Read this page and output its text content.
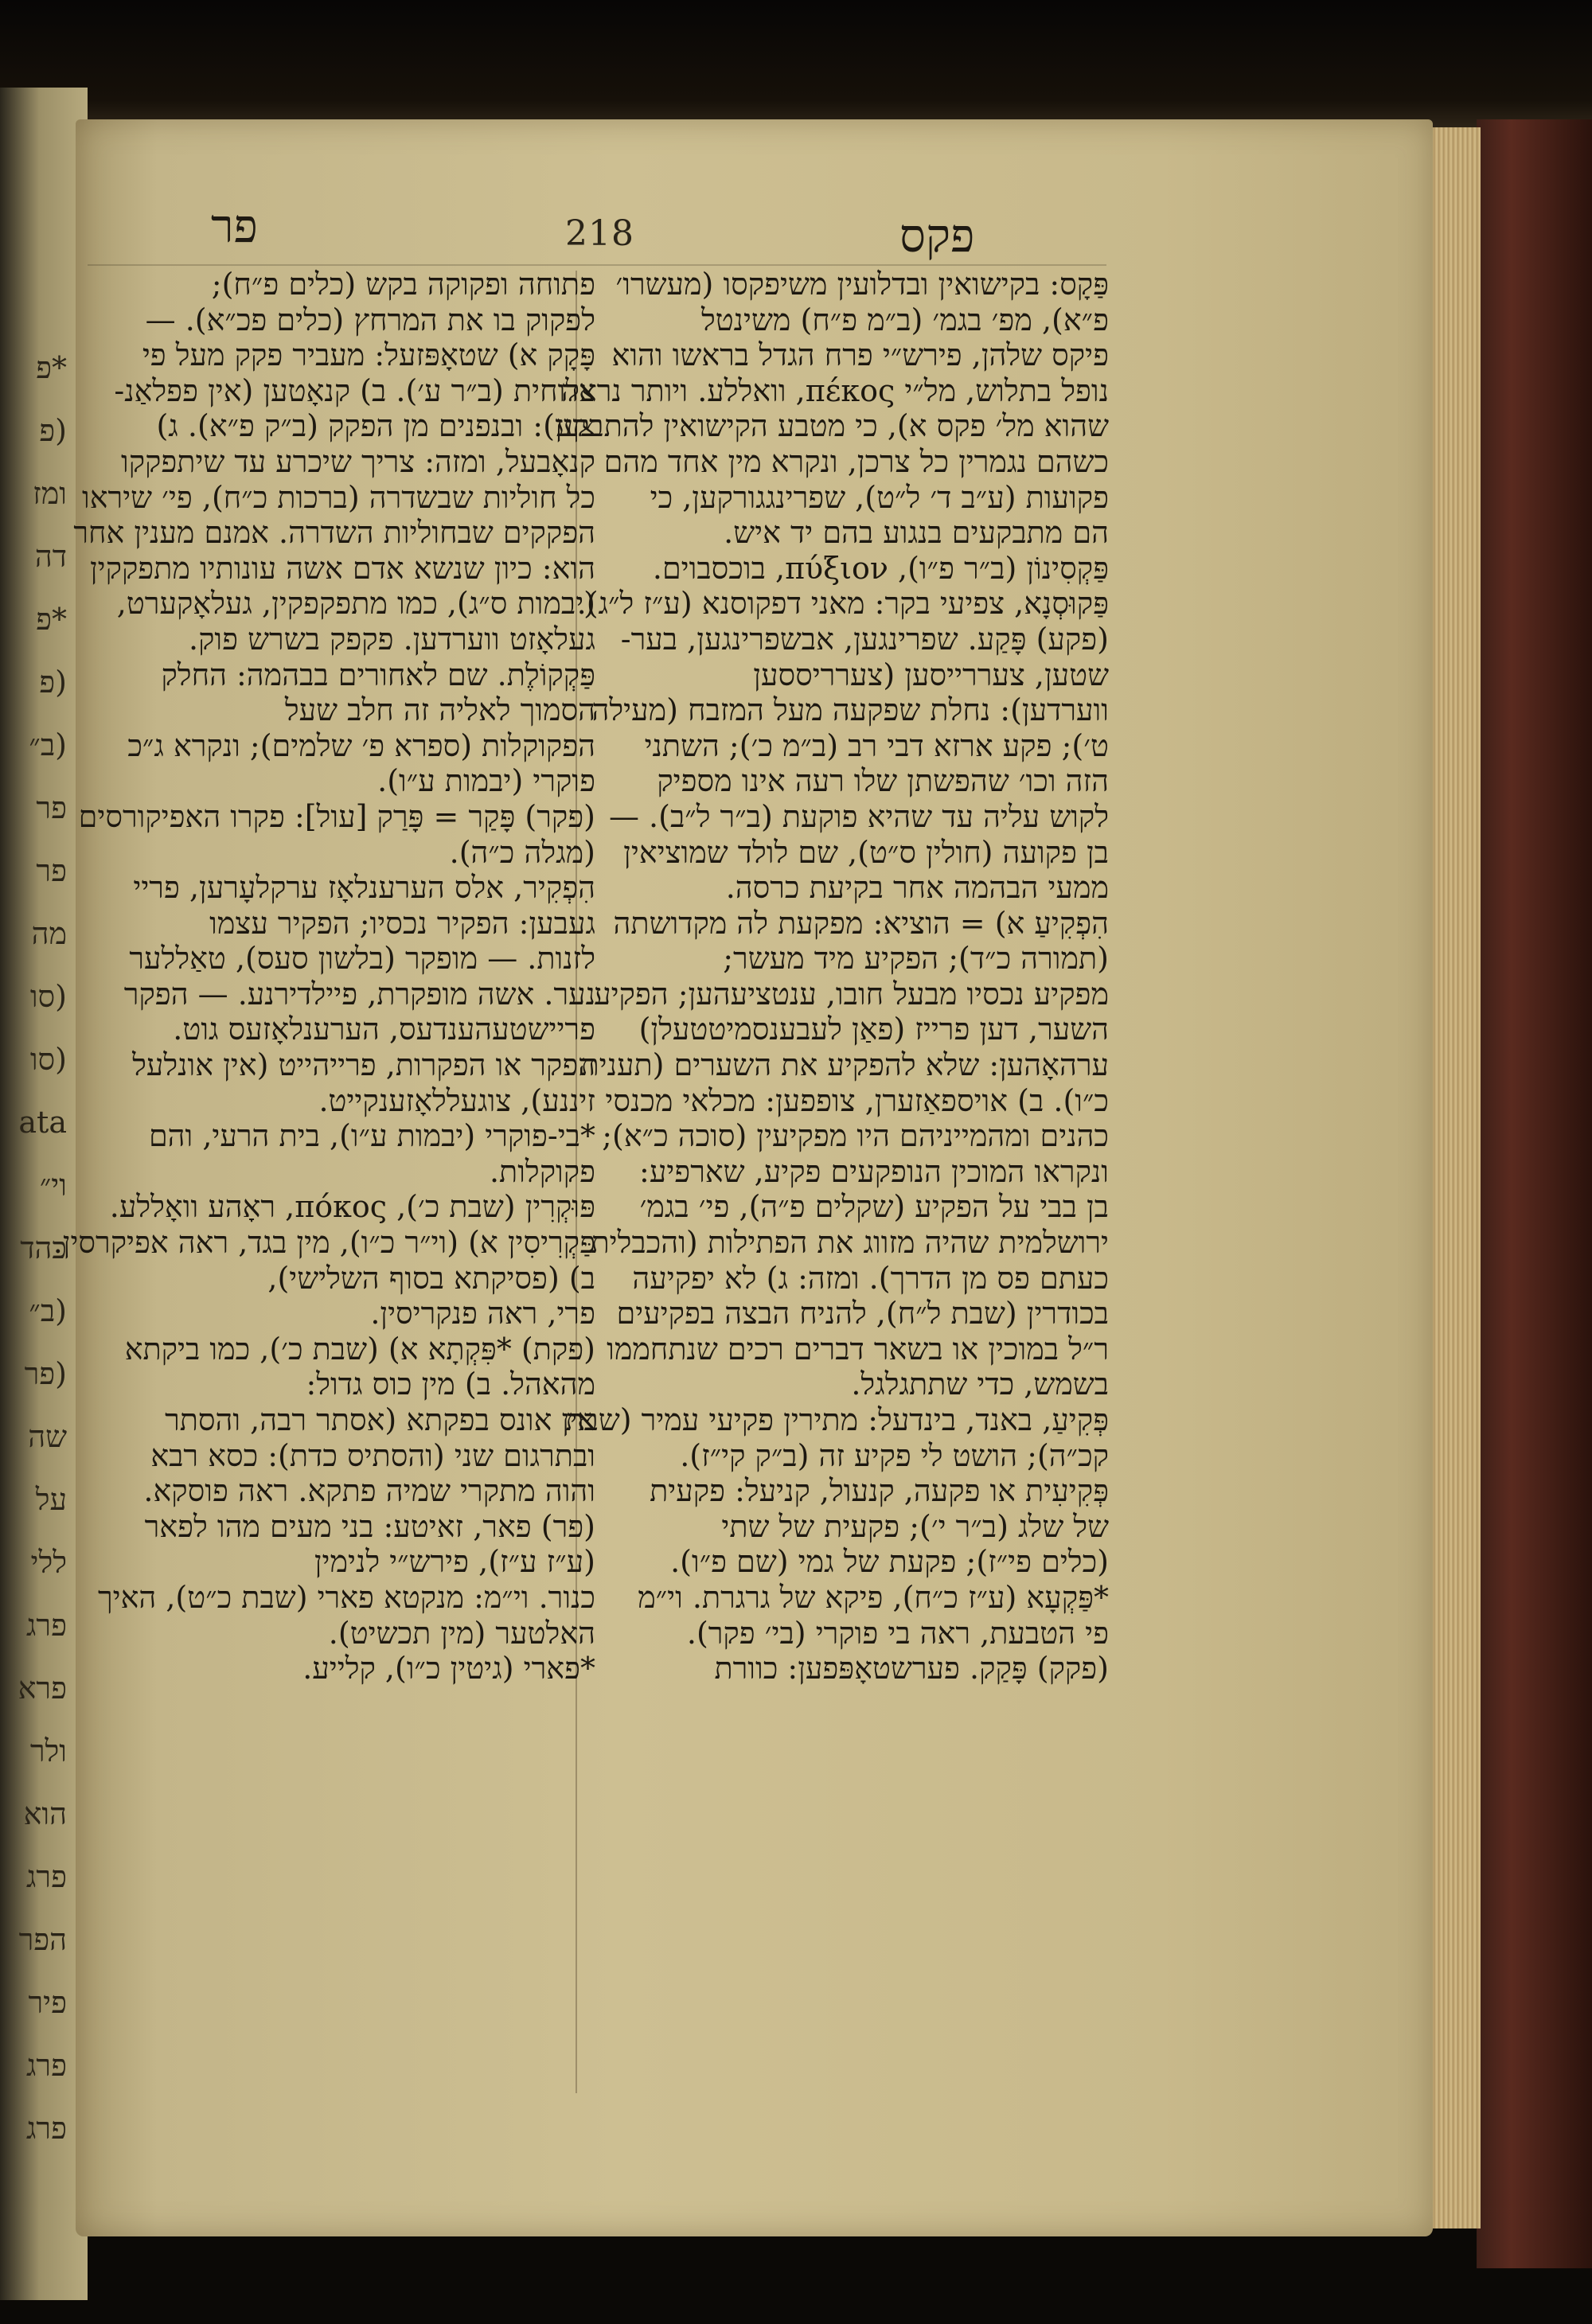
*פ
(פ
ומז
דה
*פ
(פ
(ב״
פר
פר
מה
(סו
(סו
ata
וי״
כהד
(ב״
(פר
שה
על
ללי
פרג
פרא
ולר
הוא
פרג
הפר
פיר
פרג
פרג
פר	218	פקס
פַּקָס: בקישואין ובדלועין משיפקסו (מעשרו׳
פ״א), מפ׳ בגמ׳ (ב״מ פ״ח) משינטל
פיקס שלהן, פירש״י פרח הגדל בראשו והוא
נופל בתלוש, מל״י πέκος, וואללע. ויותר נראה
שהוא מל׳ פקס א), כי מטבע הקישואין להתבקע
כשהם נגמרין כל צרכן, ונקרא מין אחד מהם
פקועות (ע״ב ד׳ ל״ט), שפרינגגורקען, כי
הם מתבקעים בנגוע בהם יד איש.
פַּקְסִינוֹן (ב״ר פ״ו), πύξιον, בוכסבוים.
פַּקוּסְנָא, צפיעי בקר: מאני דפקוסנא (ע״ז ל״ג).
(פקע) פָּקַע. שפרינגען, אבשפרינגען, בער-
שטען, צעררייסען (צערריססען
ווערדען): נחלת שפקעה מעל המזבח (מעילה
ט׳); פקע ארזא דבי רב (ב״מ כ׳); השתני
הזה וכו׳ שהפשתן שלו רעה אינו מספיק
לקוש עליה עד שהיא פוקעת (ב״ר ל״ב). —
בן פקועה (חולין ס״ט), שם לולד שמוציאין
ממעי הבהמה אחר בקיעת כרסה.
הִפְקִיעַ א) = הוציא: מפקעת לה מקדושתה
(תמורה כ״ד); הפקיע מיד מעשר;
מפקיע נכסיו מבעל חובו, ענטציעהען; הפקיע
השער, דען פרייז (פאַן לעבענסמיטטעלן)
ערהאָהען: שלא להפקיע את השערים (תענית
כ״ו). ב) אויספאַזערן, צופפען: מכלאי מכנסי
כהנים ומהמייניהם היו מפקיעין (סוכה כ״א);
ונקראו המוכין הנופקעים פקיע, שארפיע:
בן בבי על הפקיע (שקלים פ״ה), פי׳ בגמ׳
ירושלמית שהיה מזווג את הפתילות (והכבלית
כעתם פס מן הדרך). ומזה: ג) לא יפקיעה
בכודרין (שבת ל״ח), להניח הבצה בפקיעים
ר״ל במוכין או בשאר דברים רכים שנתחממו
בשמש, כדי שתתגלגל.
פְּקִיעַ, באנד, בינדעל: מתירין פקיעי עמיר (שבת
קכ״ה); הושט לי פקיע זה (ב״ק קי״ז).
פְּקִיעִית או פקעה, קנעול, קניעל: פקעית
של שלג (ב״ר י׳); פקעית של שתי
(כלים פי״ז); פקעת של גמי (שם פ״ו).
*פַּקְעָא (ע״ז כ״ח), פיקא של גרגרת. וי״מ
פי הטבעת, ראה בי פוקרי (בי׳ פקר).
(פקק) פָּקַק. פערשטאָפּפען: כוורת
פתוחה ופקוקה בקש (כלים פ״ח);
לפקוק בו את המרחץ (כלים פכ״א). —
פָּקָק א) שטאָפּזעל: מעביר פקק מעל פי
צלוחית (ב״ר ע׳). ב) קנאָטען (אין פפלאַנ-
צען): ובנפנים מן הפקק (ב״ק פ״א). ג)
קנאָבעל, ומזה: צריך שיכרע עד שיתפקקו
כל חוליות שבשדרה (ברכות כ״ח), פי׳ שיראו
הפקקים שבחוליות השדרה. אמנם מענין אחר
הוא: כיון שנשא אדם אשה עונותיו מתפקקין
(יבמות ס״ג), כמו מתפקפקין, געלאָקערט,
געלאָזט ווערדען. פקפק בשרש פוק.
פַּקְקוֹלֶת. שם לאחורים בבהמה: החלק
הסמוך לאליה זה חלב שעל
הפקוקלות (ספרא פ׳ שלמים); ונקרא ג״כ
פוקרי (יבמות ע״ו).
(פקר) פָּקַר = פָּרַק [עול]: פקרו האפיקורסים
(מגלה כ״ה).
הִפְקִיר, אלס הערענלאָז ערקלעָרען, פריי
געבען: הפקיר נכסיו; הפקיר עצמו
לזנות. — מופקר (בלשון סעס), טאַללער
נער. אשה מופקרת, פיילדירנע. — הפקר
פריישטעהענדעס, הערענלאָזעס גוט.
הפקר או הפקרות, פרייהייט (אין אונלעל
זיננע), צוגעללאָזענקייט.
*בי-פוקרי (יבמות ע״ו), בית הרעי, והם
פקוקלות.
פּוּקְרִין (שבת כ׳), πόκος, ראָהע וואָללע.
פַּקְרִיסִין א) (וי״ר כ״ו), מין בגד, ראה אפיקרסין.
ב) (פסיקתא בסוף השלישי),
פרי, ראה פנקריסין.
(פקת) *פִּקְתָא א) (שבת כ׳), כמו ביקתא
מהאהל. ב) מין כוס גדול:
אין אונס בפקתא (אסתר רבה, והסתר
ובתרגום שני (והסתיס כדת): כסא רבא
והוה מתקרי שמיה פתקא. ראה פוסקא.
(פר) פאר, זאיטע: בני מעים מהו לפאר
(ע״ז ע״ז), פירש״י לנימין
כנור. וי״מ: מנקטא פארי (שבת כ״ט), האיך
האלטער (מין תכשיט).
*פארי (גיטין כ״ו), קלייע.
